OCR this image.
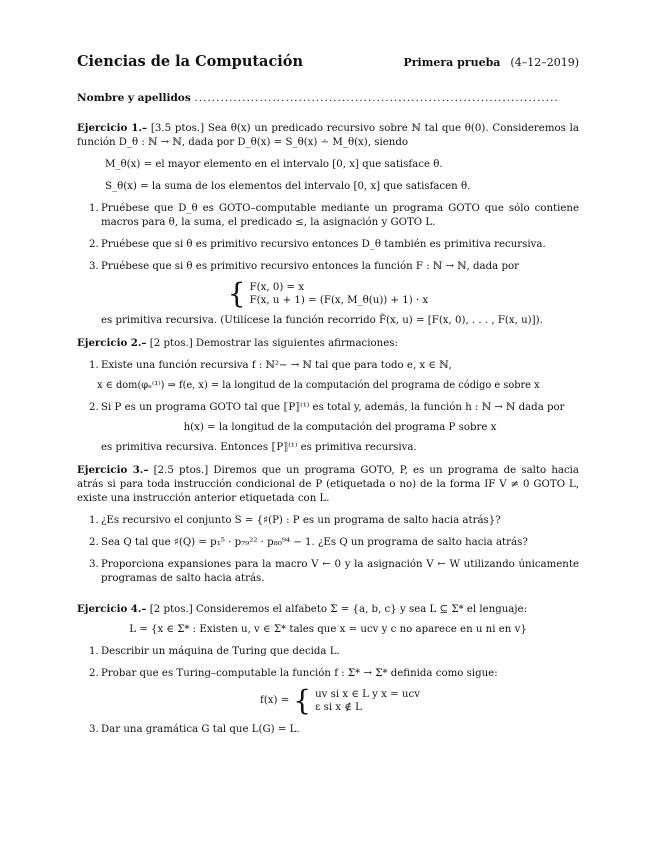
Ciencias de la Computación	Primera prueba (4–12–2019)
Nombre y apellidos ....................................................................................
Ejercicio 1.– [3.5 ptos.] Sea θ(x) un predicado recursivo sobre ℕ tal que θ(0). Consideremos la función D_θ : ℕ → ℕ, dada por D_θ(x) = S_θ(x) ∸ M_θ(x), siendo
M_θ(x) = el mayor elemento en el intervalo [0, x] que satisface θ.
S_θ(x) = la suma de los elementos del intervalo [0, x] que satisfacen θ.
1. Pruébese que D_θ es GOTO–computable mediante un programa GOTO que sólo contiene macros para θ, la suma, el predicado ≤, la asignación y GOTO L.
2. Pruébese que si θ es primitivo recursivo entonces D_θ también es primitiva recursiva.
3. Pruébese que si θ es primitivo recursivo entonces la función F : ℕ → ℕ, dada por
{ F(x, 0) = x
F(x, u + 1) = (F(x, M_θ(u)) + 1) · x
es primitiva recursiva. (Utilícese la función recorrido F̃(x, u) = [F(x, 0), . . . , F(x, u)]).
Ejercicio 2.– [2 ptos.] Demostrar las siguientes afirmaciones:
1. Existe una función recursiva f : ℕ²− → ℕ tal que para todo e, x ∈ ℕ,
x ∈ dom(φₑ⁽¹⁾) ⇒ f(e, x) = la longitud de la computación del programa de código e sobre x
2. Si P es un programa GOTO tal que ⟦P⟧⁽¹⁾ es total y, además, la función h : ℕ → ℕ dada por
h(x) = la longitud de la computación del programa P sobre x
es primitiva recursiva. Entonces ⟦P⟧⁽¹⁾ es primitiva recursiva.
Ejercicio 3.– [2.5 ptos.] Diremos que un programa GOTO, P, es un programa de salto hacia atrás si para toda instrucción condicional de P (etiquetada o no) de la forma IF V ≠ 0 GOTO L, existe una instrucción anterior etiquetada con L.
1. ¿Es recursivo el conjunto S = {♯(P) : P es un programa de salto hacia atrás}?
2. Sea Q tal que ♯(Q) = p₁⁵ · p₇₉²² · p₈₀⁹⁴ − 1. ¿Es Q un programa de salto hacia atrás?
3. Proporciona expansiones para la macro V ← 0 y la asignación V ← W utilizando únicamente programas de salto hacia atrás.
Ejercicio 4.– [2 ptos.] Consideremos el alfabeto Σ = {a, b, c} y sea L ⊆ Σ* el lenguaje:
L = {x ∈ Σ* : Existen u, v ∈ Σ* tales que x = ucv y c no aparece en u ni en v}
1. Describir un máquina de Turing que decida L.
2. Probar que es Turing–computable la función f : Σ* → Σ* definida como sigue:
f(x) = { uv si x ∈ L y x = ucv
ε si x ∉ L
3. Dar una gramática G tal que L(G) = L.
